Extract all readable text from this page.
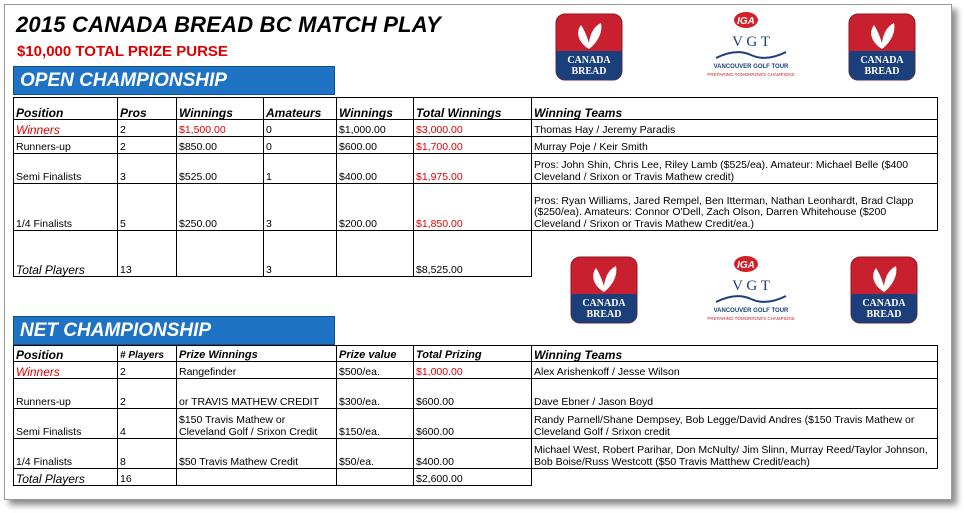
2015 CANADA BREAD BC MATCH PLAY
$10,000 TOTAL PRIZE PURSE
CANADA
BREAD
IGA
V G T
VANCOUVER GOLF TOUR
PREPARING TOMORROW'S CHAMPIONS
CANADA
BREAD
CANADA
BREAD
IGA
V G T
VANCOUVER GOLF TOUR
PREPARING TOMORROW'S CHAMPIONS
CANADA
BREAD
OPEN CHAMPIONSHIP
Position	Pros	Winnings	Amateurs	Winnings	Total Winnings	Winning Teams
Winners	2	$1,500.00	0	$1,000.00	$3,000.00	Thomas Hay / Jeremy Paradis
Runners-up	2	$850.00	0	$600.00	$1,700.00	Murray Poje / Keir Smith
Semi Finalists	3	$525.00	1	$400.00	$1,975.00	Pros: John Shin, Chris Lee, Riley Lamb ($525/ea). Amateur: Michael Belle ($400 Cleveland / Srixon or Travis Mathew credit)
1/4 Finalists	5	$250.00	3	$200.00	$1,850.00	Pros: Ryan Williams, Jared Rempel, Ben Itterman, Nathan Leonhardt, Brad Clapp ($250/ea). Amateurs: Connor O'Dell, Zach Olson, Darren Whitehouse ($200 Cleveland / Srixon or Travis Mathew Credit/ea.)
Total Players	13		3		$8,525.00	
NET CHAMPIONSHIP
Position	# Players	Prize Winnings	Prize value	Total Prizing	Winning Teams
Winners	2	Rangefinder	$500/ea.	$1,000.00	Alex Arishenkoff / Jesse Wilson
Runners-up	2	or TRAVIS MATHEW CREDIT	$300/ea.	$600.00	Dave Ebner / Jason Boyd
Semi Finalists	4	$150 Travis Mathew or Cleveland Golf / Srixon Credit	$150/ea.	$600.00	Randy Parnell/Shane Dempsey, Bob Legge/David Andres ($150 Travis Mathew or Cleveland Golf / Srixon credit
1/4 Finalists	8	$50 Travis Mathew Credit	$50/ea.	$400.00	Michael West, Robert Parihar, Don McNulty/ Jim Slinn, Murray Reed/Taylor Johnson, Bob Boise/Russ Westcott ($50 Travis Matthew Credit/each)
Total Players	16			$2,600.00	
